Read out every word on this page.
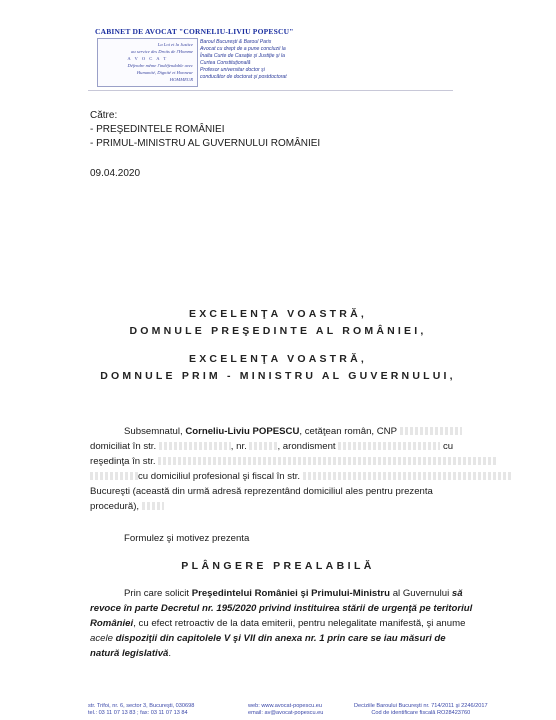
CABINET DE AVOCAT "CORNELIU-LIVIU POPESCU"
La Loi et la Justice
au service des Droits de l'Homme
A V O C A T
Défendre même l'indéfendable avec
Humanité, Dignité et Honneur
HOMMEUR
Baroul Bucureşti & Baroul Paris
Avocat cu drept de a pune concluzii la
Înalta Curte de Casaţie şi Justiţie şi la
Curtea Constituţională
Profesor universitar doctor şi
conducător de doctorat şi postdoctorat
Către:
- PREŞEDINTELE ROMÂNIEI
- PRIMUL-MINISTRU AL GUVERNULUI ROMÂNIEI
09.04.2020
EXCELENŢA VOASTRĂ,
DOMNULE PREŞEDINTE AL ROMÂNIEI,
EXCELENŢA VOASTRĂ,
DOMNULE PRIM - MINISTRU AL GUVERNULUI,
Subsemnatul, Corneliu-Liviu POPESCU, cetăţean român, CNP
domiciliat în str.	, nr.	, arondisment	cu
reşedinţa în str.
cu domiciliul profesional şi fiscal în str.
Bucureşti (această din urmă adresă reprezentând domiciliul ales pentru prezenta
procedură),
Formulez şi motivez prezenta
PLÂNGERE PREALABILĂ
Prin care solicit Preşedintelui României şi Primului-Ministru al Guvernului să
revoce în parte Decretul nr. 195/2020 privind instituirea stării de urgenţă pe teritoriul
României, cu efect retroactiv de la data emiterii, pentru nelegalitate manifestă, şi anume
acele dispoziţii din capitolele V şi VII din anexa nr. 1 prin care se iau măsuri de
natură legislativă.
str. Trifoi, nr. 6, sector 3, Bucureşti, 030698
tel.: 03 11 07 13 83 ; fax: 03 11 07 13 84
web: www.avocat-popescu.eu
email: av@avocat-popescu.eu
Deciziile Baroului Bucureşti nr. 714/2011 şi 2246/2017
Cod de identificare fiscală RO28423760
